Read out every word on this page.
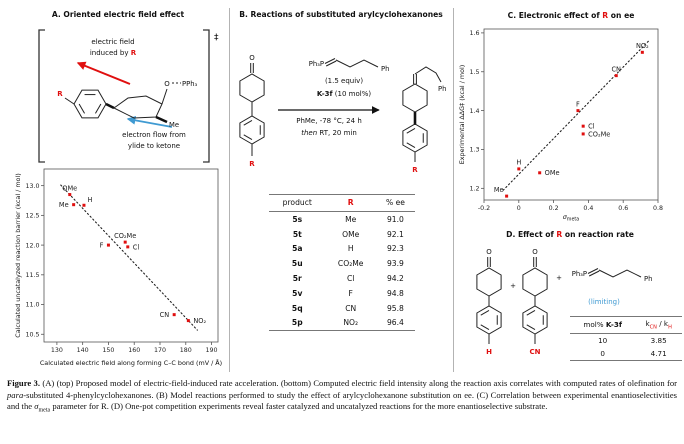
A. Oriented electric field effect
‡
R
O PPh₃
Me
electric field
induced by R
electron flow from
ylide to ketone
130 140 150 160 170 180 190
10.5
11.0
11.5
12.0
12.5
13.0	OMe
Me
H
F
CO₂Me
Cl
CN
NO₂
Calculated electric field along forming C–C bond (mV / Å)
Calculated uncatalyzed reaction barrier (kcal / mol)
B. Reactions of substituted arylcyclohexanones
O
R
Ph₃P
Ph
Ph
R
(1.5 equiv)
K-3f (10 mol%)
PhMe, -78 °C, 24 h
then RT, 20 min
product	R	% ee
5s	Me	91.0
5t	OMe	92.1
5a	H	92.3
5u	CO₂Me	93.9
5r	Cl	94.2
5v	F	94.8
5q	CN	95.8
5p	NO₂	96.4
C. Electronic effect of R on ee
-0.2	0	0.2	0.4	0.6	0.8
1.2
1.3
1.4
1.5
1.6
Me
H
OMe
F
Cl
CO₂Me
CN
NO₂
$\sigma_{meta}$
Experimental ΔΔG‡ (kcal / mol)
D. Effect of R on reaction rate
O
H
+
O
CN
+ Ph₃P
Ph
(limiting)
mol% K-3f	$k_{CN} / k_H$
10	3.85
0	4.71
Figure 3. (A) (top) Proposed model of electric-field-induced rate acceleration. (bottom) Computed electric field intensity along the reaction axis correlates with computed rates of olefination for para-substituted 4-phenylcyclohexanones. (B) Model reactions performed to study the effect of arylcyclohexanone substitution on ee. (C) Correlation between experimental enantioselectivities and the $\sigma_{meta}$ parameter for R. (D) One-pot competition experiments reveal faster catalyzed and uncatalyzed reactions for the more enantioselective substrate.
